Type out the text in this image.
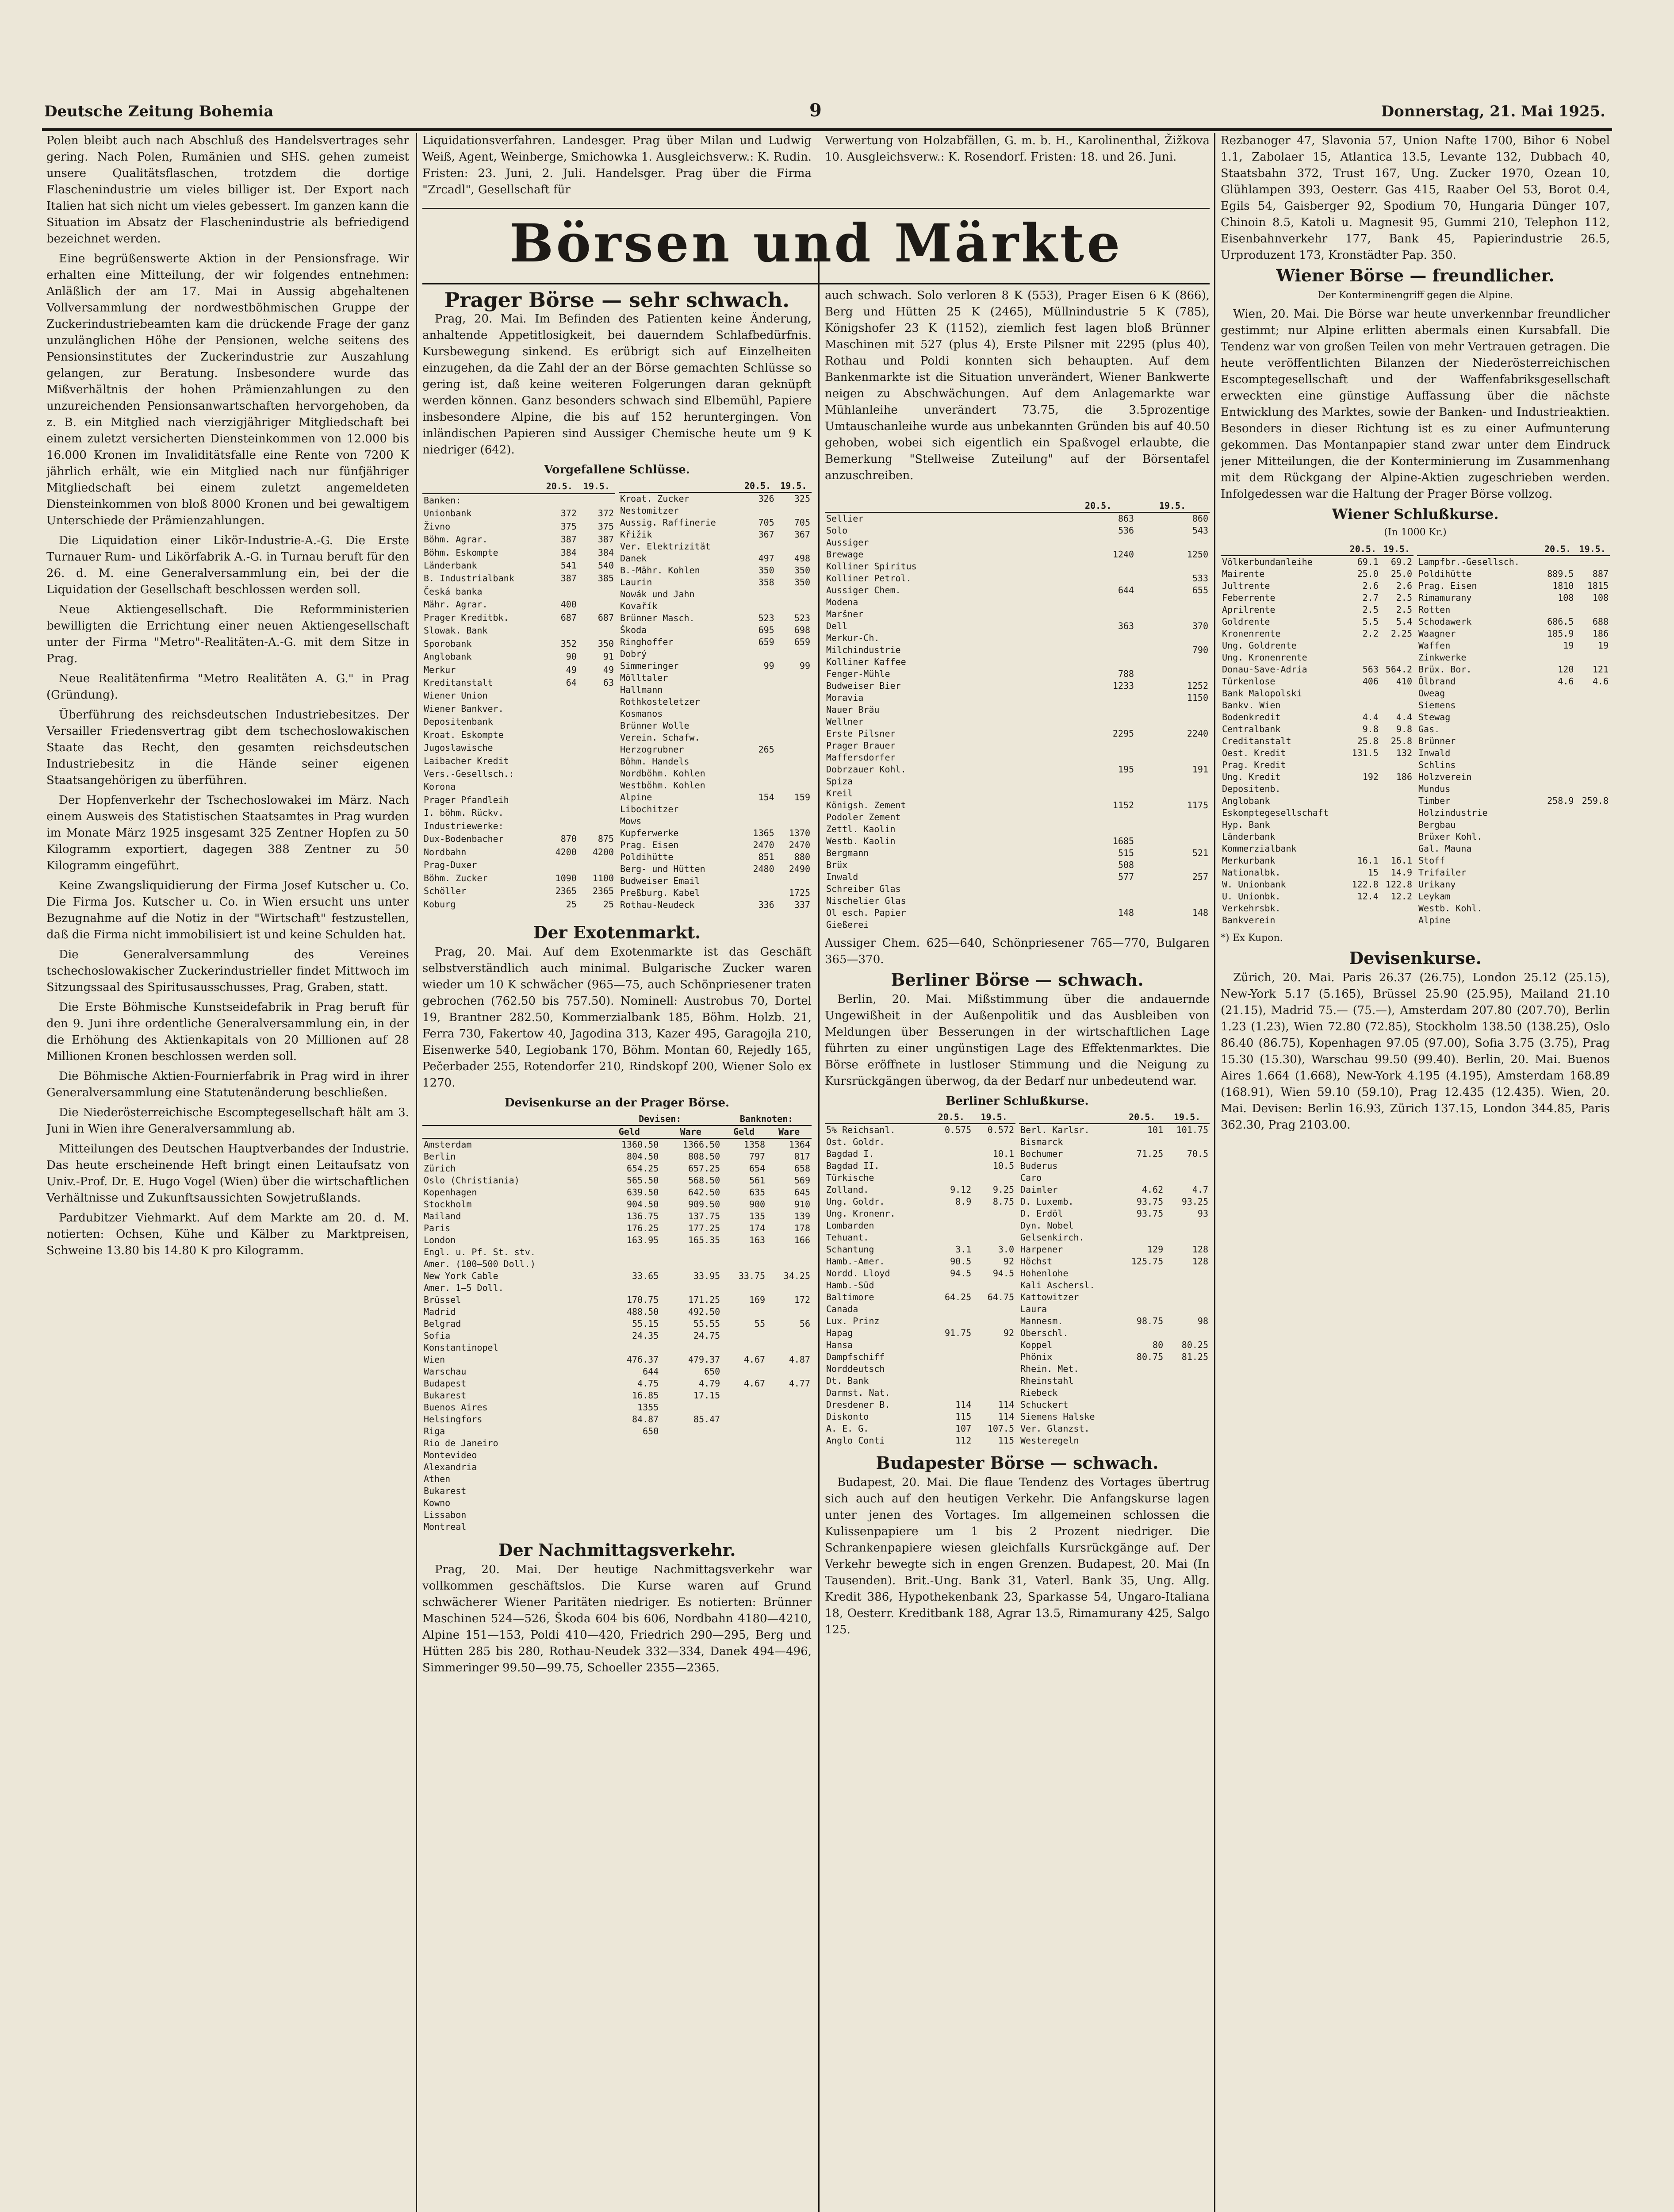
Deutsche Zeitung Bohemia	9	Donnerstag, 21. Mai 1925.

Polen bleibt auch nach Abschluß des Handelsvertrages sehr gering. Nach Polen, Rumänien und SHS. gehen zumeist unsere Qualitätsflaschen, trotzdem die dortige Flaschenindustrie um vieles billiger ist. Der Export nach Italien hat sich nicht um vieles gebessert. Im ganzen kann die Situation im Absatz der Flaschenindustrie als befriedigend bezeichnet werden.

Eine begrüßenswerte Aktion in der Pensionsfrage. Wir erhalten eine Mitteilung, der wir folgendes entnehmen: Anläßlich der am 17. Mai in Aussig abgehaltenen Vollversammlung der nordwestböhmischen Gruppe der Zuckerindustriebeamten kam die drückende Frage der ganz unzulänglichen Höhe der Pensionen, welche seitens des Pensionsinstitutes der Zuckerindustrie zur Auszahlung gelangen, zur Beratung. Insbesondere wurde das Mißverhältnis der hohen Prämienzahlungen zu den unzureichenden Pensionsanwartschaften hervorgehoben, da z. B. ein Mitglied nach vierzigjähriger Mitgliedschaft bei einem zuletzt versicherten Diensteinkommen von 12.000 bis 16.000 Kronen im Invaliditätsfalle eine Rente von 7200 K jährlich erhält, wie ein Mitglied nach nur fünfjähriger Mitgliedschaft bei einem zuletzt angemeldeten Diensteinkommen von bloß 8000 Kronen und bei gewaltigem Unterschiede der Prämienzahlungen.

Die Liquidation einer Likör-Industrie-A.-G. Die Erste Turnauer Rum- und Likörfabrik A.-G. in Turnau beruft für den 26. d. M. eine Generalversammlung ein, bei der die Liquidation der Gesellschaft beschlossen werden soll.

Neue Aktiengesellschaft. Die Reformministerien bewilligten die Errichtung einer neuen Aktiengesellschaft unter der Firma "Metro"-Realitäten-A.-G. mit dem Sitze in Prag.

Neue Realitätenfirma "Metro Realitäten A. G." in Prag (Gründung).

Überführung des reichsdeutschen Industriebesitzes. Der Versailler Friedensvertrag gibt dem tschechoslowakischen Staate das Recht, den gesamten reichsdeutschen Industriebesitz in die Hände seiner eigenen Staatsangehörigen zu überführen.

Der Hopfenverkehr der Tschechoslowakei im März. Nach einem Ausweis des Statistischen Staatsamtes in Prag wurden im Monate März 1925 insgesamt 325 Zentner Hopfen zu 50 Kilogramm exportiert, dagegen 388 Zentner zu 50 Kilogramm eingeführt.

Keine Zwangsliquidierung der Firma Josef Kutscher u. Co. Die Firma Jos. Kutscher u. Co. in Wien ersucht uns unter Bezugnahme auf die Notiz in der "Wirtschaft" festzustellen, daß die Firma nicht immobilisiert ist und keine Schulden hat.

Die Generalversammlung des Vereines tschechoslowakischer Zuckerindustrieller findet Mittwoch im Sitzungssaal des Spiritusausschusses, Prag, Graben, statt.

Die Erste Böhmische Kunstseidefabrik in Prag beruft für den 9. Juni ihre ordentliche Generalversammlung ein, in der die Erhöhung des Aktienkapitals von 20 Millionen auf 28 Millionen Kronen beschlossen werden soll.

Die Böhmische Aktien-Fournierfabrik in Prag wird in ihrer Generalversammlung eine Statutenänderung beschließen.

Die Niederösterreichische Escomptegesellschaft hält am 3. Juni in Wien ihre Generalversammlung ab.

Mitteilungen des Deutschen Hauptverbandes der Industrie. Das heute erscheinende Heft bringt einen Leitaufsatz von Univ.-Prof. Dr. E. Hugo Vogel (Wien) über die wirtschaftlichen Verhältnisse und Zukunftsaussichten Sowjetrußlands.

Pardubitzer Viehmarkt. Auf dem Markte am 20. d. M. notierten: Ochsen, Kühe und Kälber zu Marktpreisen, Schweine 13.80 bis 14.80 K pro Kilogramm.

Liquidationsverfahren. Landesger. Prag über Milan und Ludwig Weiß, Agent, Weinberge, Smichowka 1. Ausgleichsverw.: K. Rudin. Fristen: 23. Juni, 2. Juli. Handelsger. Prag über die Firma "Zrcadl", Gesellschaft für

Verwertung von Holzabfällen, G. m. b. H., Karolinenthal, Žižkova 10. Ausgleichsverw.: K. Rosendorf. Fristen: 18. und 26. Juni.

Börsen und Märkte
Prager Börse — sehr schwach.

Prag, 20. Mai. Im Befinden des Patienten keine Änderung, anhaltende Appetitlosigkeit, bei dauerndem Schlafbedürfnis. Kursbewegung sinkend. Es erübrigt sich auf Einzelheiten einzugehen, da die Zahl der an der Börse gemachten Schlüsse so gering ist, daß keine weiteren Folgerungen daran geknüpft werden können. Ganz besonders schwach sind Elbemühl, Papiere insbesondere Alpine, die bis auf 152 heruntergingen. Von inländischen Papieren sind Aussiger Chemische heute um 9 K niedriger (642).

Vorgefallene Schlüsse.
	20.5.	19.5.
Banken:		
Unionbank	372	372
Živno	375	375
Böhm. Agrar.	387	387
Böhm. Eskompte	384	384
Länderbank	541	540
B. Industrialbank	387	385
Česká banka		
Mähr. Agrar.	400	
Prager Kreditbk.	687	687
Slowak. Bank		
Sporobank	352	350
Anglobank	90	91
Merkur	49	49
Kreditanstalt	64	63
Wiener Union		
Wiener Bankver.		
Depositenbank		
Kroat. Eskompte		
Jugoslawische		
Laibacher Kredit		
Vers.-Gesellsch.:		
Korona		
Prager Pfandleih		
I. böhm. Rückv.		
Industriewerke:		
Dux-Bodenbacher	870	875
Nordbahn	4200	4200
Prag-Duxer		
Böhm. Zucker	1090	1100
Schöller	2365	2365
Koburg	25	25
	20.5.	19.5.
Kroat. Zucker	326	325
Nestomitzer		
Aussig. Raffinerie	705	705
Křižik	367	367
Ver. Elektrizität		
Danek	497	498
B.-Mähr. Kohlen	350	350
Laurin	358	350
Nowák und Jahn		
Kovařík		
Brünner Masch.	523	523
Škoda	695	698
Ringhoffer	659	659
Dobrý		
Simmeringer	99	99
Mölltaler		
Hallmann		
Rothkosteletzer		
Kosmanos		
Brünner Wolle		
Verein. Schafw.		
Herzogrubner	265	
Böhm. Handels		
Nordböhm. Kohlen		
Westböhm. Kohlen		
Alpine	154	159
Libochitzer		
Mows		
Kupferwerke	1365	1370
Prag. Eisen	2470	2470
Poldihütte	851	880
Berg- und Hütten	2480	2490
Budweiser Email		
Preßburg. Kabel		1725
Rothau-Neudeck	336	337
Der Exotenmarkt.

Prag, 20. Mai. Auf dem Exotenmarkte ist das Geschäft selbstverständlich auch minimal. Bulgarische Zucker waren wieder um 10 K schwächer (965—75, auch Schönpriesener traten gebrochen (762.50 bis 757.50). Nominell: Austrobus 70, Dortel 19, Brantner 282.50, Kommerzialbank 185, Böhm. Holzb. 21, Ferra 730, Fakertow 40, Jagodina 313, Kazer 495, Garagojla 210, Eisenwerke 540, Legiobank 170, Böhm. Montan 60, Rejedly 165, Pečerbader 255, Rotendorfer 210, Rindskopf 200, Wiener Solo ex 1270.

Devisenkurse an der Prager Börse.
	Devisen:		Banknoten:	
	Geld	Ware	Geld	Ware
Amsterdam	1360.50	1366.50	1358	1364
Berlin	804.50	808.50	797	817
Zürich	654.25	657.25	654	658
Oslo (Christiania)	565.50	568.50	561	569
Kopenhagen	639.50	642.50	635	645
Stockholm	904.50	909.50	900	910
Mailand	136.75	137.75	135	139
Paris	176.25	177.25	174	178
London	163.95	165.35	163	166
Engl. u. Pf. St. stv.				
Amer. (100—500 Doll.)				
New York Cable	33.65	33.95	33.75	34.25
Amer. 1—5 Doll.				
Brüssel	170.75	171.25	169	172
Madrid	488.50	492.50		
Belgrad	55.15	55.55	55	56
Sofia	24.35	24.75		
Konstantinopel				
Wien	476.37	479.37	4.67	4.87
Warschau	644	650		
Budapest	4.75	4.79	4.67	4.77
Bukarest	16.85	17.15		
Buenos Aires	1355			
Helsingfors	84.87	85.47		
Riga	650			
Rio de Janeiro				
Montevideo				
Alexandria				
Athen				
Bukarest				
Kowno				
Lissabon				
Montreal				
Der Nachmittagsverkehr.

Prag, 20. Mai. Der heutige Nachmittagsverkehr war vollkommen geschäftslos. Die Kurse waren auf Grund schwächerer Wiener Paritäten niedriger. Es notierten: Brünner Maschinen 524—526, Škoda 604 bis 606, Nordbahn 4180—4210, Alpine 151—153, Poldi 410—420, Friedrich 290—295, Berg und Hütten 285 bis 280, Rothau-Neudek 332—334, Danek 494—496, Simmeringer 99.50—99.75, Schoeller 2355—2365.

auch schwach. Solo verloren 8 K (553), Prager Eisen 6 K (866), Berg und Hütten 25 K (2465), Müllnindustrie 5 K (785), Königshofer 23 K (1152), ziemlich fest lagen bloß Brünner Maschinen mit 527 (plus 4), Erste Pilsner mit 2295 (plus 40), Rothau und Poldi konnten sich behaupten. Auf dem Bankenmarkte ist die Situation unverändert, Wiener Bankwerte neigen zu Abschwächungen. Auf dem Anlagemarkte war Mühlanleihe unverändert 73.75, die 3.5prozentige Umtauschanleihe wurde aus unbekannten Gründen bis auf 40.50 gehoben, wobei sich eigentlich ein Spaßvogel erlaubte, die Bemerkung "Stellweise Zuteilung" auf der Börsentafel anzuschreiben.

	20.5.	19.5.
Sellier	863	860
Solo	536	543
Aussiger		
Brewage	1240	1250
Kolliner Spiritus		
Kolliner Petrol.		533
Aussiger Chem.	644	655
Modena		
Maršner		
Dell	363	370
Merkur-Ch.		
Milchindustrie		790
Kolliner Kaffee		
Fenger-Mühle	788	
Budweiser Bier	1233	1252
Moravia		1150
Nauer Bräu		
Wellner		
Erste Pilsner	2295	2240
Prager Brauer		
Maffersdorfer		
Dobrzauer Kohl.	195	191
Spiza		
Kreil		
Königsh. Zement	1152	1175
Podoler Zement		
Zettl. Kaolin		
Westb. Kaolin	1685	
Bergmann	515	521
Brüx	508	
Inwald	577	257
Schreiber Glas		
Nischelier Glas		
Ol esch. Papier	148	148
Gießerei		

Aussiger Chem. 625—640, Schönpriesener 765—770, Bulgaren 365—370.

Berliner Börse — schwach.

Berlin, 20. Mai. Mißstimmung über die andauernde Ungewißheit in der Außenpolitik und das Ausbleiben von Meldungen über Besserungen in der wirtschaftlichen Lage führten zu einer ungünstigen Lage des Effektenmarktes. Die Börse eröffnete in lustloser Stimmung und die Neigung zu Kursrückgängen überwog, da der Bedarf nur unbedeutend war.

Berliner Schlußkurse.
	20.5.	19.5.
5% Reichsanl.	0.575	0.572
Ost. Goldr.		
Bagdad I.		10.1
Bagdad II.		10.5
Türkische		
Zolland.	9.12	9.25
Ung. Goldr.	8.9	8.75
Ung. Kronenr.		
Lombarden		
Tehuant.		
Schantung	3.1	3.0
Hamb.-Amer.	90.5	92
Nordd. Lloyd	94.5	94.5
Hamb.-Süd		
Baltimore	64.25	64.75
Canada		
Lux. Prinz		
Hapag	91.75	92
Hansa		
Dampfschiff		
Norddeutsch		
Dt. Bank		
Darmst. Nat.		
Dresdener B.	114	114
Diskonto	115	114
A. E. G.	107	107.5
Anglo Conti	112	115
	20.5.	19.5.
Berl. Karlsr.	101	101.75
Bismarck		
Bochumer	71.25	70.5
Buderus		
Caro		
Daimler	4.62	4.7
D. Luxemb.	93.75	93.25
D. Erdöl	93.75	93
Dyn. Nobel		
Gelsenkirch.		
Harpener	129	128
Höchst	125.75	128
Hohenlohe		
Kali Aschersl.		
Kattowitzer		
Laura		
Mannesm.	98.75	98
Oberschl.		
Koppel	80	80.25
Phönix	80.75	81.25
Rhein. Met.		
Rheinstahl		
Riebeck		
Schuckert		
Siemens Halske		
Ver. Glanzst.		
Westeregeln		
Budapester Börse — schwach.

Budapest, 20. Mai. Die flaue Tendenz des Vortages übertrug sich auch auf den heutigen Verkehr. Die Anfangskurse lagen unter jenen des Vortages. Im allgemeinen schlossen die Kulissenpapiere um 1 bis 2 Prozent niedriger. Die Schrankenpapiere wiesen gleichfalls Kursrückgänge auf. Der Verkehr bewegte sich in engen Grenzen. Budapest, 20. Mai (In Tausenden). Brit.-Ung. Bank 31, Vaterl. Bank 35, Ung. Allg. Kredit 386, Hypothekenbank 23, Sparkasse 54, Ungaro-Italiana 18, Oesterr. Kreditbank 188, Agrar 13.5, Rimamurany 425, Salgo 125.

Rezbanoger 47, Slavonia 57, Union Nafte 1700, Bihor 6 Nobel 1.1, Zabolaer 15, Atlantica 13.5, Levante 132, Dubbach 40, Staatsbahn 372, Trust 167, Ung. Zucker 1970, Ozean 10, Glühlampen 393, Oesterr. Gas 415, Raaber Oel 53, Borot 0.4, Egils 54, Gaisberger 92, Spodium 70, Hungaria Dünger 107, Chinoin 8.5, Katoli u. Magnesit 95, Gummi 210, Telephon 112, Eisenbahnverkehr 177, Bank 45, Papierindustrie 26.5, Urproduzent 173, Kronstädter Pap. 350.

Wiener Börse — freundlicher.
Der Konterminengriff gegen die Alpine.

Wien, 20. Mai. Die Börse war heute unverkennbar freundlicher gestimmt; nur Alpine erlitten abermals einen Kursabfall. Die Tendenz war von großen Teilen von mehr Vertrauen getragen. Die heute veröffentlichten Bilanzen der Niederösterreichischen Escomptegesellschaft und der Waffenfabriksgesellschaft erweckten eine günstige Auffassung über die nächste Entwicklung des Marktes, sowie der Banken- und Industrieaktien. Besonders in dieser Richtung ist es zu einer Aufmunterung gekommen. Das Montanpapier stand zwar unter dem Eindruck jener Mitteilungen, die der Konterminierung im Zusammenhang mit dem Rückgang der Alpine-Aktien zugeschrieben werden. Infolgedessen war die Haltung der Prager Börse vollzog.

Wiener Schlußkurse.
(In 1000 Kr.)
	20.5.	19.5.
Völkerbundanleihe	69.1	69.2
Mairente	25.0	25.0
Jultrente	2.6	2.6
Feberrente	2.7	2.5
Aprilrente	2.5	2.5
Goldrente	5.5	5.4
Kronenrente	2.2	2.25
Ung. Goldrente		
Ung. Kronenrente		
Donau-Save-Adria	563	564.2
Türkenlose	406	410
Bank Malopolski		
Bankv. Wien		
Bodenkredit	4.4	4.4
Centralbank	9.8	9.8
Creditanstalt	25.8	25.8
Oest. Kredit	131.5	132
Prag. Kredit		
Ung. Kredit	192	186
Depositenb.		
Anglobank		
Eskomptegesellschaft		
Hyp. Bank		
Länderbank		
Kommerzialbank		
Merkurbank	16.1	16.1
Nationalbk.	15	14.9
W. Unionbank	122.8	122.8
U. Unionbk.	12.4	12.2
Verkehrsbk.		
Bankverein		
	20.5.	19.5.
Lampfbr.-Gesellsch.		
Poldihütte	889.5	887
Prag. Eisen	1810	1815
Rimamurany	108	108
Rotten		
Schodawerk	686.5	688
Waagner	185.9	186
Waffen	19	19
Zinkwerke		
Brüx. Bor.	120	121
Ölbrand	4.6	4.6
Oweag		
Siemens		
Stewag		
Gas.		
Brünner		
Inwald		
Schlins		
Holzverein		
Mundus		
Timber	258.9	259.8
Holzindustrie		
Bergbau		
Brüxer Kohl.		
Gal. Mauna		
Stoff		
Trifailer		
Urikany		
Leykam		
Westb. Kohl.		
Alpine		

*) Ex Kupon.

Devisenkurse.

Zürich, 20. Mai. Paris 26.37 (26.75), London 25.12 (25.15), New-York 5.17 (5.165), Brüssel 25.90 (25.95), Mailand 21.10 (21.15), Madrid 75.— (75.—), Amsterdam 207.80 (207.70), Berlin 1.23 (1.23), Wien 72.80 (72.85), Stockholm 138.50 (138.25), Oslo 86.40 (86.75), Kopenhagen 97.05 (97.00), Sofia 3.75 (3.75), Prag 15.30 (15.30), Warschau 99.50 (99.40). Berlin, 20. Mai. Buenos Aires 1.664 (1.668), New-York 4.195 (4.195), Amsterdam 168.89 (168.91), Wien 59.10 (59.10), Prag 12.435 (12.435). Wien, 20. Mai. Devisen: Berlin 16.93, Zürich 137.15, London 344.85, Paris 362.30, Prag 2103.00.
